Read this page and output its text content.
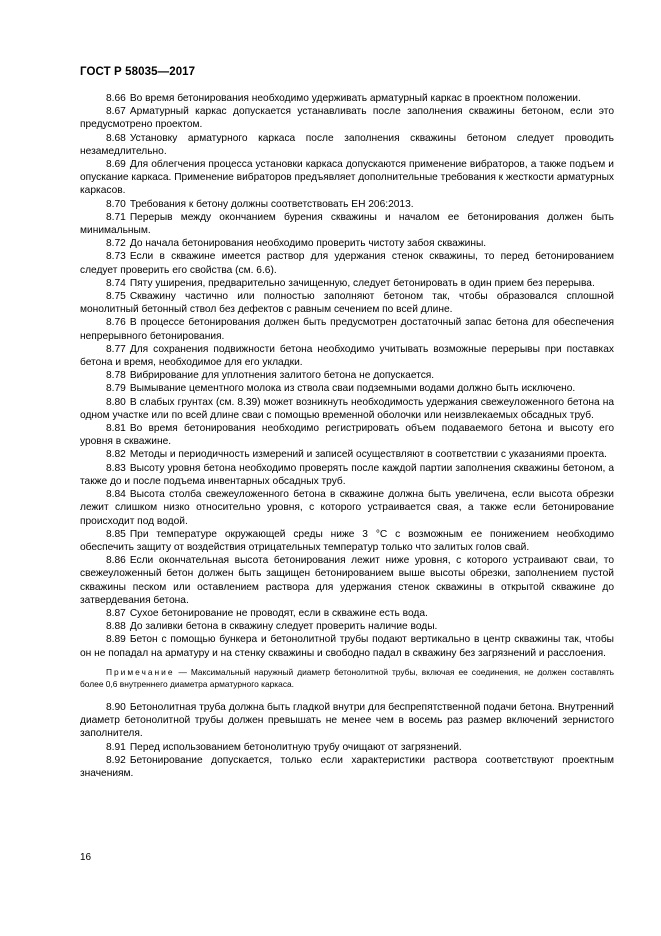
ГОСТ Р 58035—2017

8.66 Во время бетонирования необходимо удерживать арматурный каркас в проектном положении.

8.67 Арматурный каркас допускается устанавливать после заполнения скважины бетоном, если это предусмотрено проектом.

8.68 Установку арматурного каркаса после заполнения скважины бетоном следует проводить незамедлительно.

8.69 Для облегчения процесса установки каркаса допускаются применение вибраторов, а также подъем и опускание каркаса. Применение вибраторов предъявляет дополнительные требования к жесткости арматурных каркасов.

8.70 Требования к бетону должны соответствовать ЕН 206:2013.

8.71 Перерыв между окончанием бурения скважины и началом ее бетонирования должен быть минимальным.

8.72 До начала бетонирования необходимо проверить чистоту забоя скважины.

8.73 Если в скважине имеется раствор для удержания стенок скважины, то перед бетонированием следует проверить его свойства (см. 6.6).

8.74 Пяту уширения, предварительно зачищенную, следует бетонировать в один прием без перерыва.

8.75 Скважину частично или полностью заполняют бетоном так, чтобы образовался сплошной монолитный бетонный ствол без дефектов с равным сечением по всей длине.

8.76 В процессе бетонирования должен быть предусмотрен достаточный запас бетона для обеспечения непрерывного бетонирования.

8.77 Для сохранения подвижности бетона необходимо учитывать возможные перерывы при поставках бетона и время, необходимое для его укладки.

8.78 Вибрирование для уплотнения залитого бетона не допускается.

8.79 Вымывание цементного молока из ствола сваи подземными водами должно быть исключено.

8.80 В слабых грунтах (см. 8.39) может возникнуть необходимость удержания свежеуложенного бетона на одном участке или по всей длине сваи с помощью временной оболочки или неизвлекаемых обсадных труб.

8.81 Во время бетонирования необходимо регистрировать объем подаваемого бетона и высоту его уровня в скважине.

8.82 Методы и периодичность измерений и записей осуществляют в соответствии с указаниями проекта.

8.83 Высоту уровня бетона необходимо проверять после каждой партии заполнения скважины бетоном, а также до и после подъема инвентарных обсадных труб.

8.84 Высота столба свежеуложенного бетона в скважине должна быть увеличена, если высота обрезки лежит слишком низко относительно уровня, с которого устраивается свая, а также если бетонирование происходит под водой.

8.85 При температуре окружающей среды ниже 3 °С с возможным ее понижением необходимо обеспечить защиту от воздействия отрицательных температур только что залитых голов свай.

8.86 Если окончательная высота бетонирования лежит ниже уровня, с которого устраивают сваи, то свежеуложенный бетон должен быть защищен бетонированием выше высоты обрезки, заполнением пустой скважины песком или оставлением раствора для удержания стенок скважины в открытой скважине до затвердевания бетона.

8.87 Сухое бетонирование не проводят, если в скважине есть вода.

8.88 До заливки бетона в скважину следует проверить наличие воды.

8.89 Бетон с помощью бункера и бетонолитной трубы подают вертикально в центр скважины так, чтобы он не попадал на арматуру и на стенку скважины и свободно падал в скважину без загрязнений и расслоения.

Примечание — Максимальный наружный диаметр бетонолитной трубы, включая ее соединения, не должен составлять более 0,6 внутреннего диаметра арматурного каркаса.

8.90 Бетонолитная труба должна быть гладкой внутри для беспрепятственной подачи бетона. Внутренний диаметр бетонолитной трубы должен превышать не менее чем в восемь раз размер включений зернистого заполнителя.

8.91 Перед использованием бетонолитную трубу очищают от загрязнений.

8.92 Бетонирование допускается, только если характеристики раствора соответствуют проектным значениям.

16
